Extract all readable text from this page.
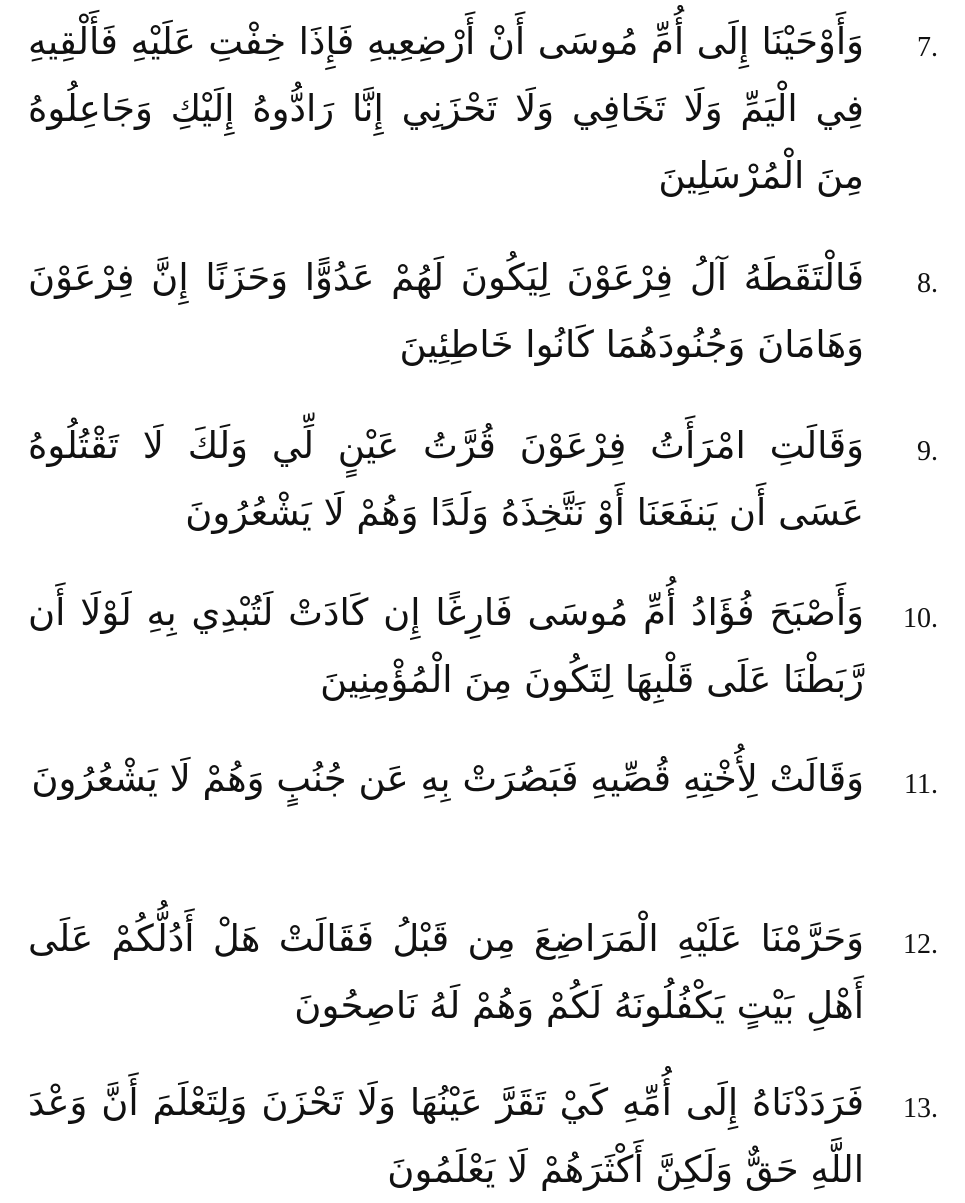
7.

وَأَوْحَيْنَا إِلَى أُمِّ مُوسَى أَنْ أَرْضِعِيهِ فَإِذَا خِفْتِ عَلَيْهِ فَأَلْقِيهِ فِي الْيَمِّ وَلَا تَخَافِي وَلَا تَحْزَنِي إِنَّا رَادُّوهُ إِلَيْكِ وَجَاعِلُوهُ مِنَ الْمُرْسَلِينَ

8.

فَالْتَقَطَهُ آلُ فِرْعَوْنَ لِيَكُونَ لَهُمْ عَدُوًّا وَحَزَنًا إِنَّ فِرْعَوْنَ وَهَامَانَ وَجُنُودَهُمَا كَانُوا خَاطِئِينَ

9.

وَقَالَتِ امْرَأَتُ فِرْعَوْنَ قُرَّتُ عَيْنٍ لِّي وَلَكَ لَا تَقْتُلُوهُ عَسَى أَن يَنفَعَنَا أَوْ نَتَّخِذَهُ وَلَدًا وَهُمْ لَا يَشْعُرُونَ

10.

وَأَصْبَحَ فُؤَادُ أُمِّ مُوسَى فَارِغًا إِن كَادَتْ لَتُبْدِي بِهِ لَوْلَا أَن رَّبَطْنَا عَلَى قَلْبِهَا لِتَكُونَ مِنَ الْمُؤْمِنِينَ

11.

وَقَالَتْ لِأُخْتِهِ قُصِّيهِ فَبَصُرَتْ بِهِ عَن جُنُبٍ وَهُمْ لَا يَشْعُرُونَ

12.

وَحَرَّمْنَا عَلَيْهِ الْمَرَاضِعَ مِن قَبْلُ فَقَالَتْ هَلْ أَدُلُّكُمْ عَلَى أَهْلِ بَيْتٍ يَكْفُلُونَهُ لَكُمْ وَهُمْ لَهُ نَاصِحُونَ

13.

فَرَدَدْنَاهُ إِلَى أُمِّهِ كَيْ تَقَرَّ عَيْنُهَا وَلَا تَحْزَنَ وَلِتَعْلَمَ أَنَّ وَعْدَ اللَّهِ حَقٌّ وَلَكِنَّ أَكْثَرَهُمْ لَا يَعْلَمُونَ
